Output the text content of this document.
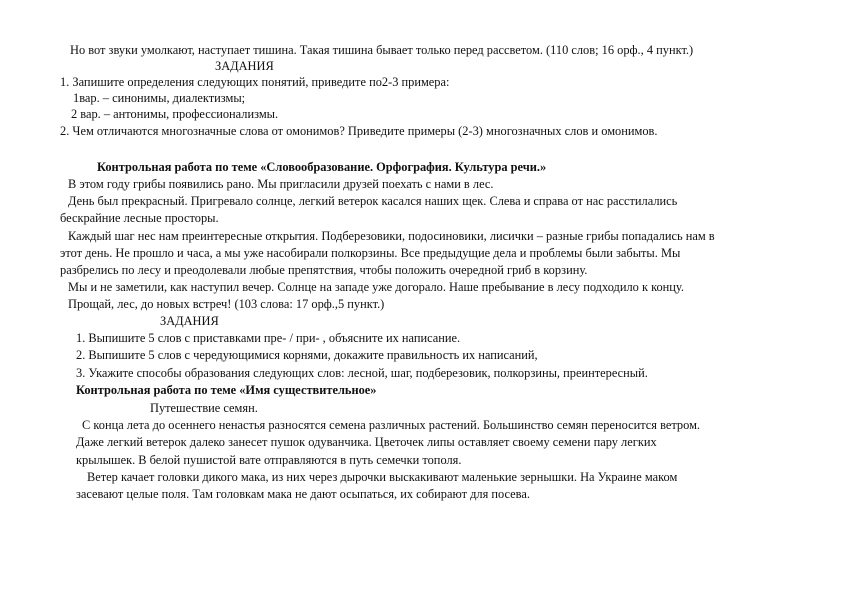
Но вот звуки умолкают, наступает тишина. Такая тишина бывает только перед рассветом. (110 слов; 16 орф., 4 пункт.)
ЗАДАНИЯ
1. Запишите определения следующих понятий, приведите по2-3 примера:
1вар. – синонимы, диалектизмы;
2 вар. – антонимы, профессионализмы.
2. Чем отличаются многозначные слова от омонимов? Приведите примеры (2-3) многозначных слов и омонимов.
Контрольная работа по теме «Словообразование. Орфография. Культура речи.»
В этом году грибы появились рано. Мы пригласили друзей поехать с нами в лес.
День был прекрасный. Пригревало солнце, легкий ветерок касался наших щек. Слева и справа от нас расстилались
бескрайние лесные просторы.
Каждый шаг нес нам преинтересные открытия. Подберезовики, подосиновики, лисички – разные грибы попадались нам в
этот день. Не прошло и часа, а мы уже насобирали полкорзины. Все предыдущие дела и проблемы были забыты. Мы
разбрелись по лесу и преодолевали любые препятствия, чтобы положить очередной гриб в корзину.
Мы и не заметили, как наступил вечер. Солнце на западе уже догорало. Наше пребывание в лесу подходило к концу.
Прощай, лес, до новых встреч! (103 слова: 17 орф.,5 пункт.)
ЗАДАНИЯ
1. Выпишите 5 слов с приставками пре- / при- , объясните их написание.
2. Выпишите 5 слов с чередующимися корнями, докажите правильность их написаний,
3. Укажите способы образования следующих слов: лесной, шаг, подберезовик, полкорзины, преинтересный.
Контрольная работа по теме «Имя существительное»
Путешествие семян.
С конца лета до осеннего ненастья разносятся семена различных растений. Большинство семян переносится ветром.
Даже легкий ветерок далеко занесет пушок одуванчика. Цветочек липы оставляет своему семени пару легких
крылышек. В белой пушистой вате отправляются в путь семечки тополя.
Ветер качает головки дикого мака, из них через дырочки выскакивают маленькие зернышки. На Украине маком
засевают целые поля. Там головкам мака не дают осыпаться, их собирают для посева.
